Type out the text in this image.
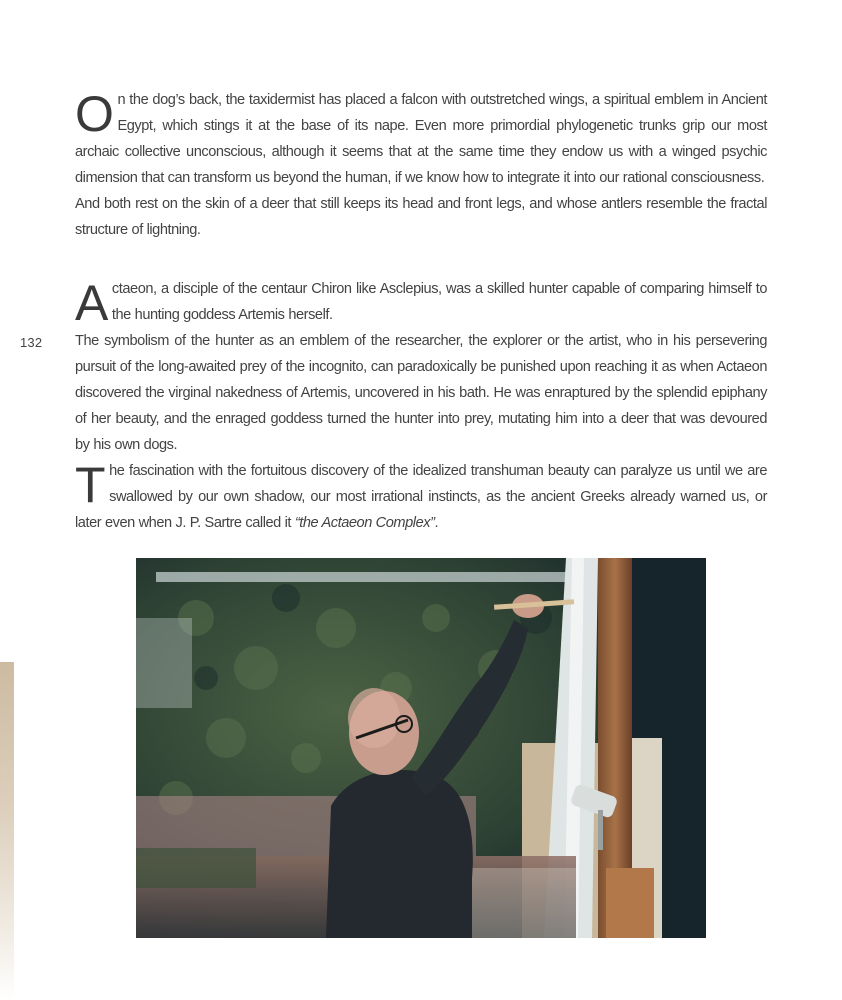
132

On the dog’s back, the taxidermist has placed a falcon with outstretched wings, a spiritual emblem in Ancient Egypt, which stings it at the base of its nape. Even more primordial phylogenetic trunks grip our most archaic collective unconscious, although it seems that at the same time they endow us with a winged psychic dimension that can transform us beyond the human, if we know how to integrate it into our rational consciousness.

And both rest on the skin of a deer that still keeps its head and front legs, and whose antlers resemble the fractal structure of lightning.

Actaeon, a disciple of the centaur Chiron like Asclepius, was a skilled hunter capable of comparing himself to the hunting goddess Artemis herself.

The symbolism of the hunter as an emblem of the researcher, the explorer or the artist, who in his persevering pursuit of the long-awaited prey of the incognito, can paradoxically be punished upon reaching it as when Actaeon discovered the virginal nakedness of Artemis, uncovered in his bath. He was enraptured by the splendid epiphany of her beauty, and the enraged goddess turned the hunter into prey, mutating him into a deer that was devoured by his own dogs.

The fascination with the fortuitous discovery of the idealized transhuman beauty can paralyze us until we are swallowed by our own shadow, our most irrational instincts, as the ancient Greeks already warned us, or later even when J. P. Sartre called it “the Actaeon Complex”.
